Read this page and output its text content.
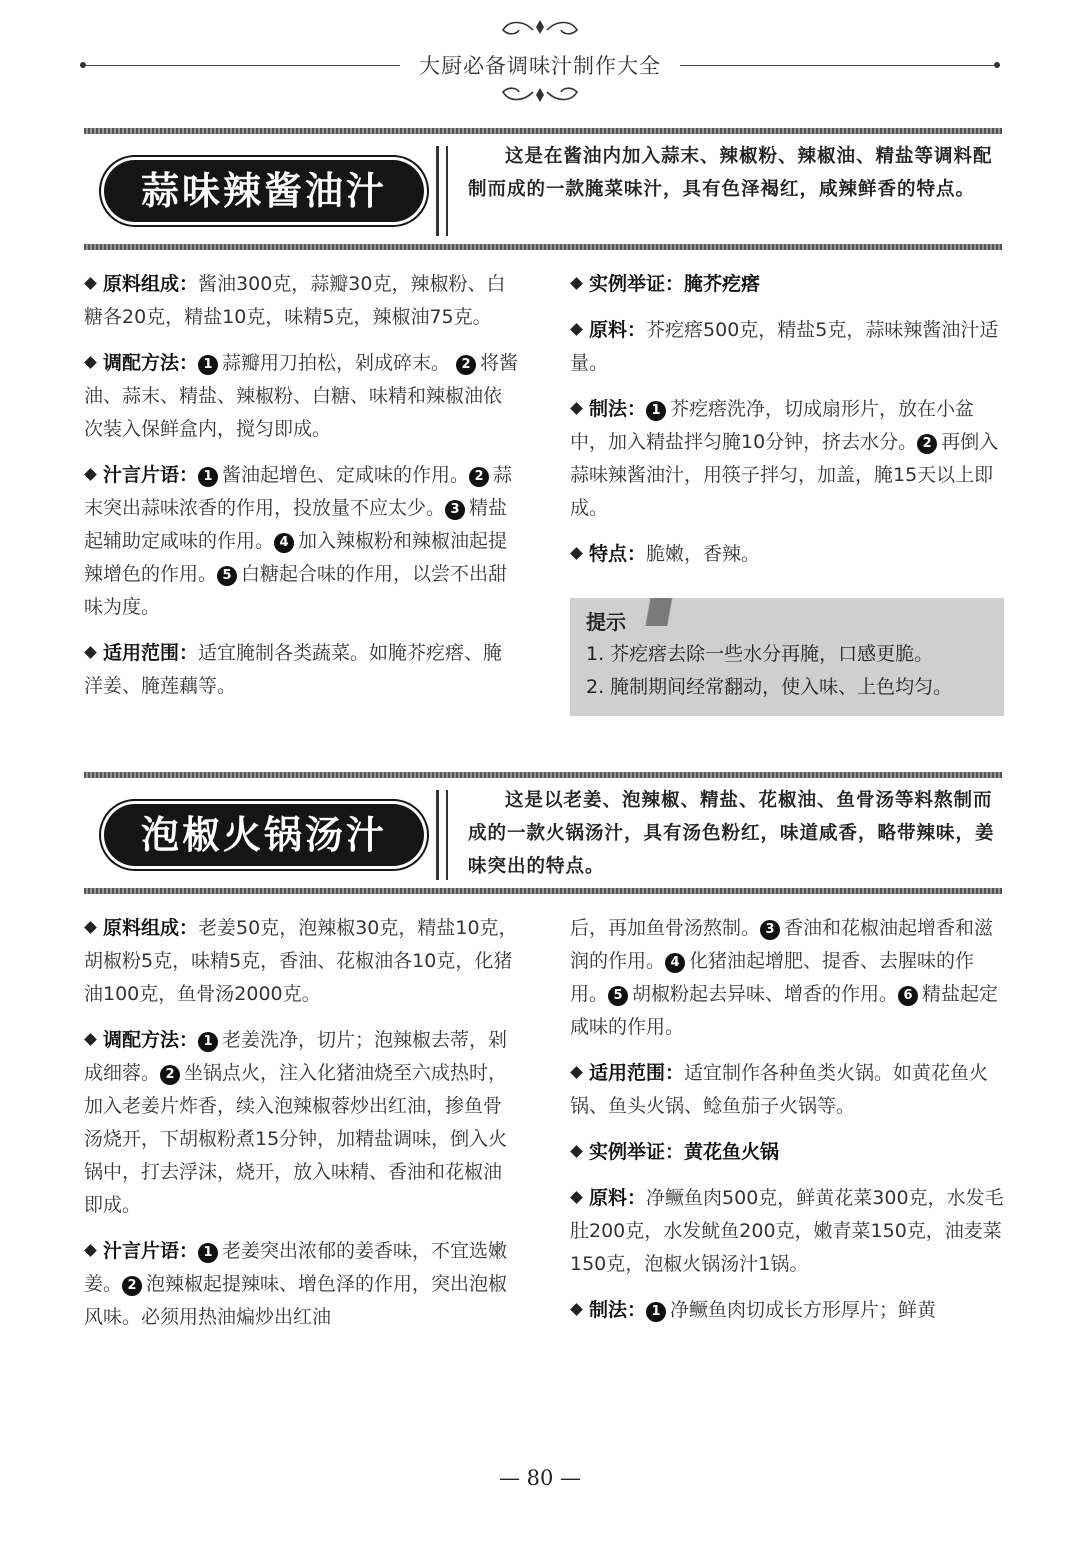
大厨必备调味汁制作大全
蒜味辣酱油汁

这是在酱油内加入蒜末、辣椒粉、辣椒油、精盐等调料配制而成的一款腌菜味汁，具有色泽褐红，咸辣鲜香的特点。

原料组成：酱油300克，蒜瓣30克，辣椒粉、白糖各20克，精盐10克，味精5克，辣椒油75克。

调配方法： 1 蒜瓣用刀拍松，剁成碎末。 2 将酱油、蒜末、精盐、辣椒粉、白糖、味精和辣椒油依次装入保鲜盒内，搅匀即成。

汁言片语： 1 酱油起增色、定咸味的作用。 2 蒜末突出蒜味浓香的作用，投放量不应太少。 3 精盐起辅助定咸味的作用。 4 加入辣椒粉和辣椒油起提辣增色的作用。 5 白糖起合味的作用，以尝不出甜味为度。

适用范围：适宜腌制各类蔬菜。如腌芥疙瘩、腌洋姜、腌莲藕等。

实例举证：腌芥疙瘩

原料：芥疙瘩500克，精盐5克，蒜味辣酱油汁适量。

制法： 1 芥疙瘩洗净，切成扇形片，放在小盆中，加入精盐拌匀腌10分钟，挤去水分。 2 再倒入蒜味辣酱油汁，用筷子拌匀，加盖，腌15天以上即成。

特点：脆嫩，香辣。

提示
1. 芥疙瘩去除一些水分再腌，口感更脆。
2. 腌制期间经常翻动，使入味、上色均匀。
泡椒火锅汤汁

这是以老姜、泡辣椒、精盐、花椒油、鱼骨汤等料熬制而成的一款火锅汤汁，具有汤色粉红，味道咸香，略带辣味，姜味突出的特点。

原料组成：老姜50克，泡辣椒30克，精盐10克，胡椒粉5克，味精5克，香油、花椒油各10克，化猪油100克，鱼骨汤2000克。

调配方法： 1 老姜洗净，切片；泡辣椒去蒂，剁成细蓉。 2 坐锅点火，注入化猪油烧至六成热时，加入老姜片炸香，续入泡辣椒蓉炒出红油，掺鱼骨汤烧开，下胡椒粉煮15分钟，加精盐调味，倒入火锅中，打去浮沫，烧开，放入味精、香油和花椒油即成。

汁言片语： 1 老姜突出浓郁的姜香味，不宜选嫩姜。 2 泡辣椒起提辣味、增色泽的作用，突出泡椒风味。必须用热油煸炒出红油

后，再加鱼骨汤熬制。 3 香油和花椒油起增香和滋润的作用。 4 化猪油起增肥、提香、去腥味的作用。 5 胡椒粉起去异味、增香的作用。 6 精盐起定咸味的作用。

适用范围：适宜制作各种鱼类火锅。如黄花鱼火锅、鱼头火锅、鲶鱼茄子火锅等。

实例举证：黄花鱼火锅

原料：净鳜鱼肉500克，鲜黄花菜300克，水发毛肚200克，水发鱿鱼200克，嫩青菜150克，油麦菜150克，泡椒火锅汤汁1锅。

制法： 1 净鳜鱼肉切成长方形厚片；鲜黄

— 80 —
